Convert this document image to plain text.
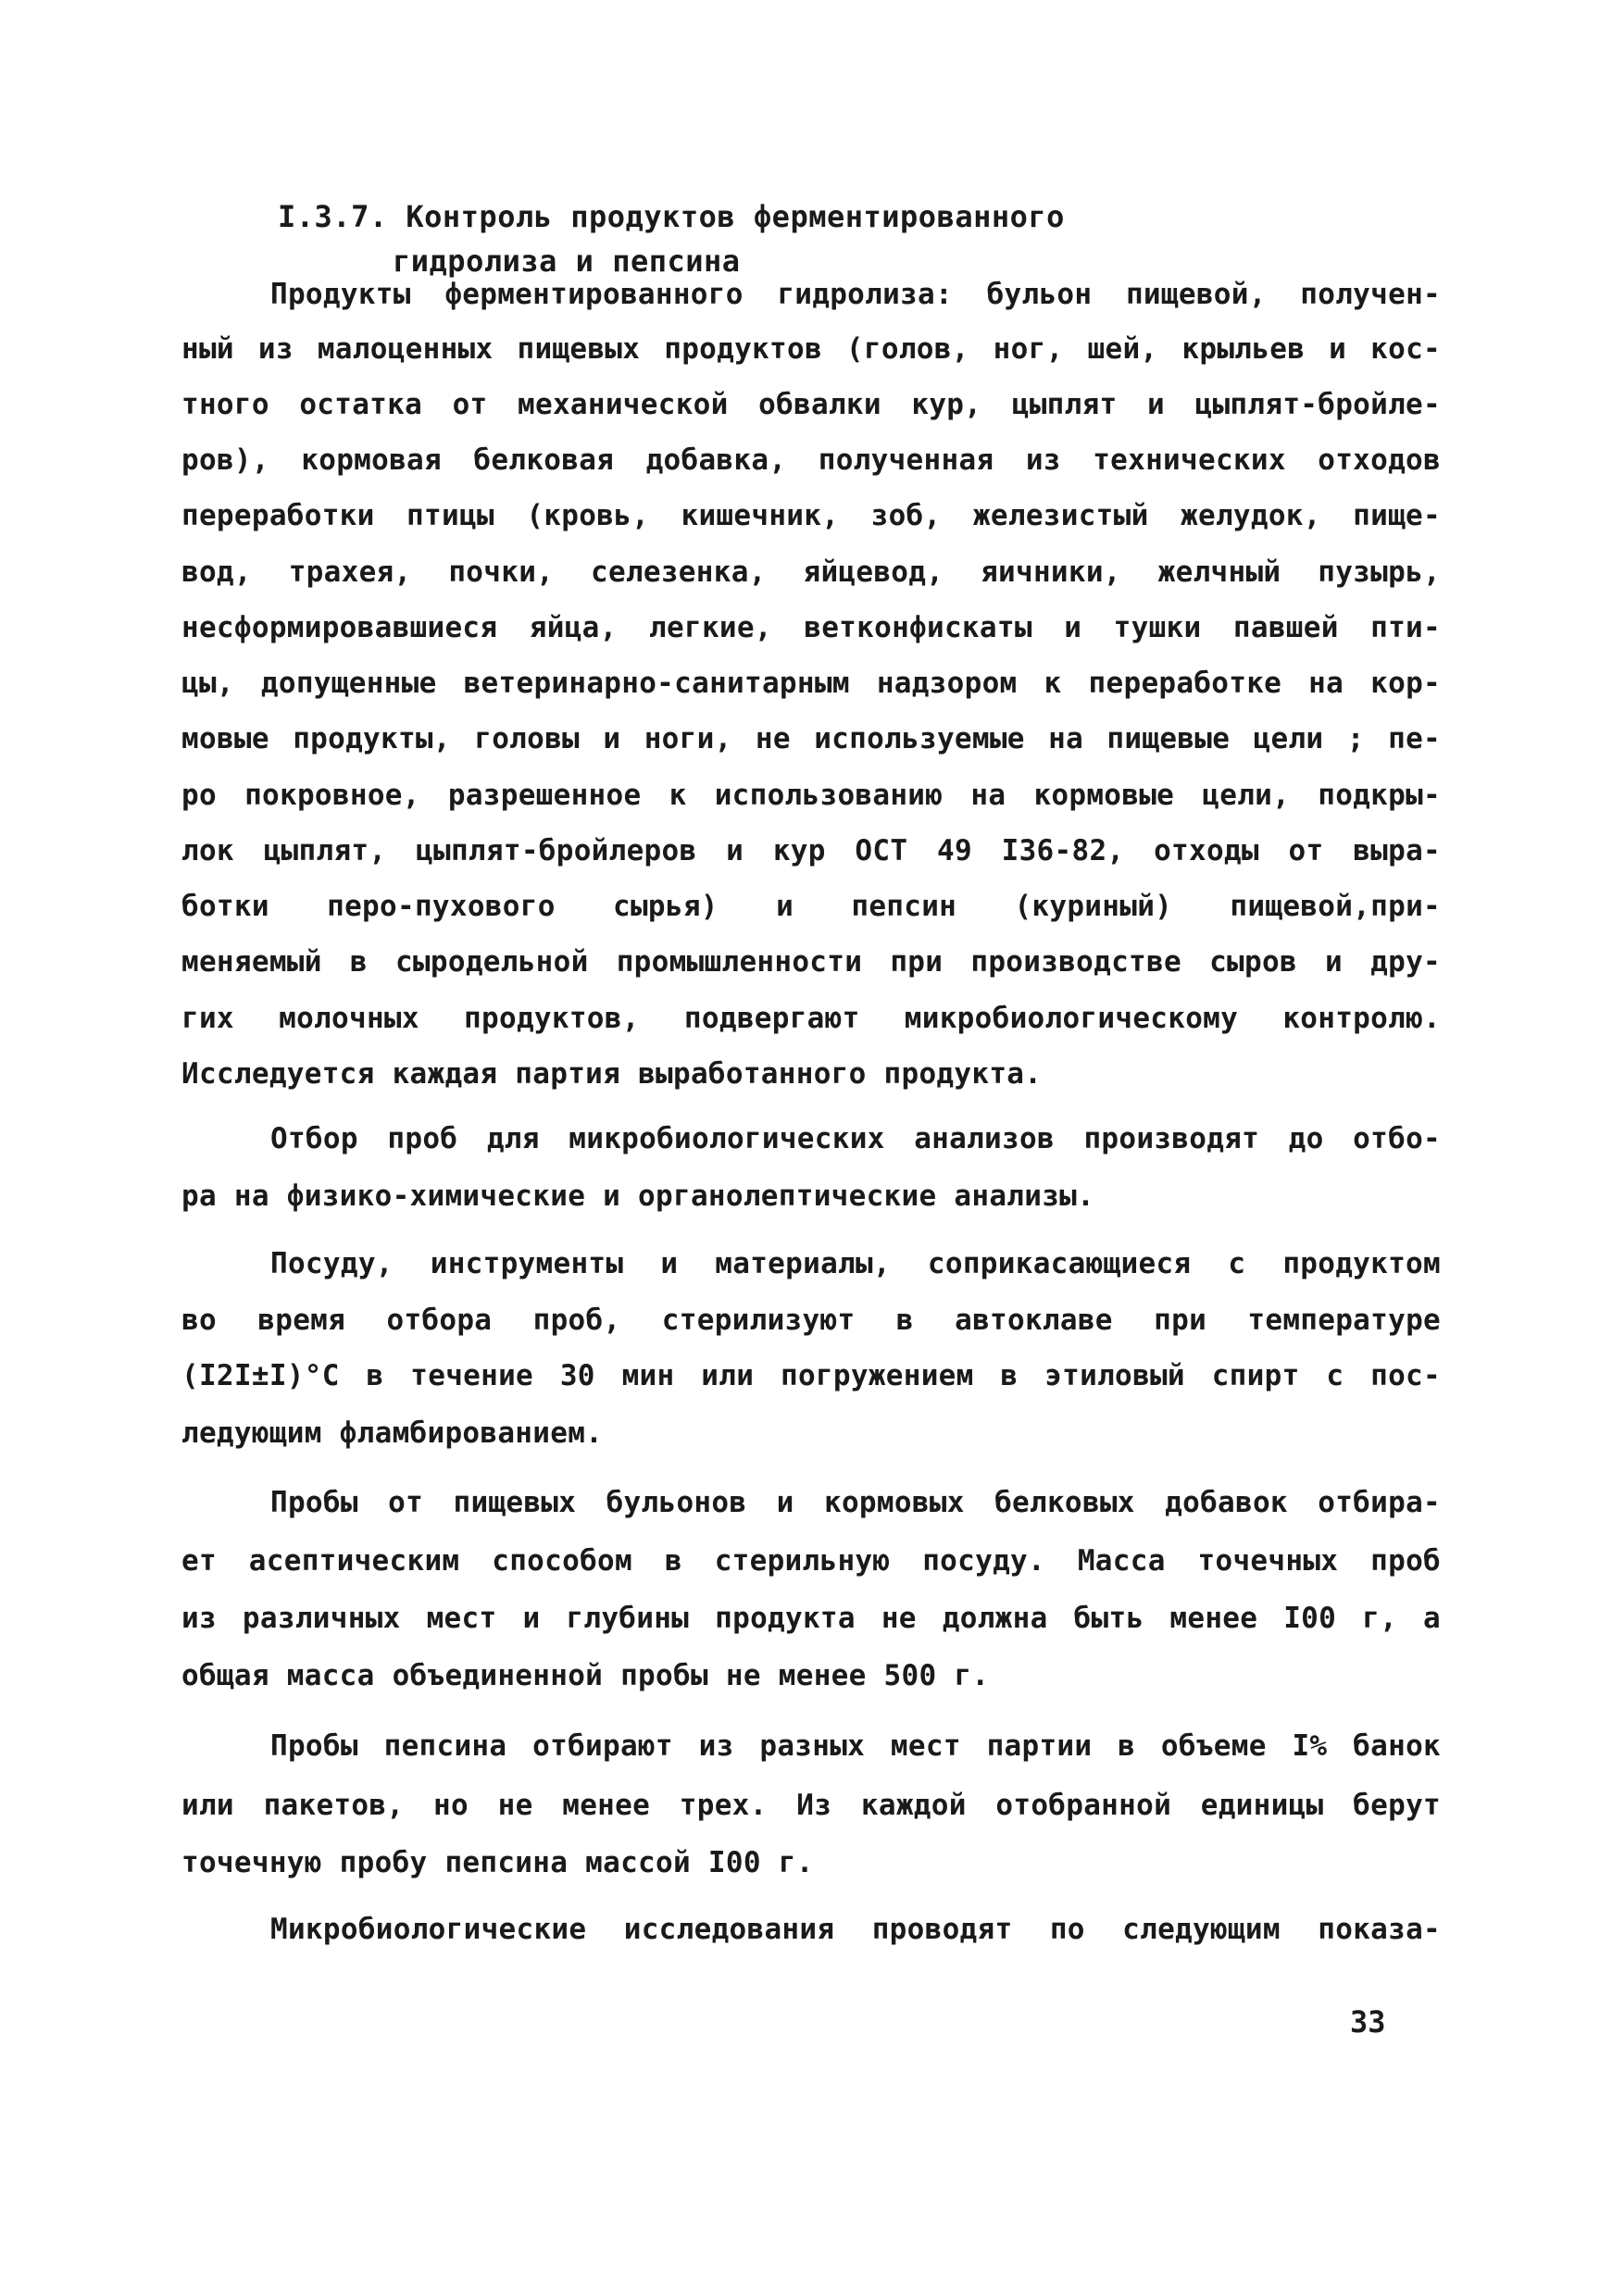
I.3.7. Контроль продуктов ферментированного
гидролиза и пепсина
Продукты ферментированного гидролиза: бульон пищевой, получен-
ный из малоценных пищевых продуктов (голов, ног, шей, крыльев и кос-
тного остатка от механической обвалки кур, цыплят и цыплят-бройле-
ров), кормовая белковая добавка, полученная из технических отходов
переработки птицы (кровь, кишечник, зоб, железистый желудок, пище-
вод, трахея, почки, селезенка, яйцевод, яичники, желчный пузырь,
несформировавшиеся яйца, легкие, ветконфискаты и тушки павшей пти-
цы, допущенные ветеринарно-санитарным надзором к переработке на кор-
мовые продукты, головы и ноги, не используемые на пищевые цели ; пе-
ро покровное, разрешенное к использованию на кормовые цели, подкры-
лок цыплят, цыплят-бройлеров и кур ОСТ 49 I36-82, отходы от выра-
ботки перо-пухового сырья) и пепсин (куриный) пищевой,при-
меняемый в сыродельной промышленности при производстве сыров и дру-
гих молочных продуктов, подвергают микробиологическому контролю.
Исследуется каждая партия выработанного продукта.
Отбор проб для микробиологических анализов производят до отбо-
ра на физико-химические и органолептические анализы.
Посуду, инструменты и материалы, соприкасающиеся с продуктом
во время отбора проб, стерилизуют в автоклаве при температуре
(I2I±I)°C в течение 30 мин или погружением в этиловый спирт с пос-
ледующим фламбированием.
Пробы от пищевых бульонов и кормовых белковых добавок отбира-
ет асептическим способом в стерильную посуду. Масса точечных проб
из различных мест и глубины продукта не должна быть менее I00 г, а
общая масса объединенной пробы не менее 500 г.
Пробы пепсина отбирают из разных мест партии в объеме I% банок
или пакетов, но не менее трех. Из каждой отобранной единицы берут
точечную пробу пепсина массой I00 г.
Микробиологические исследования проводят по следующим показа-
33
